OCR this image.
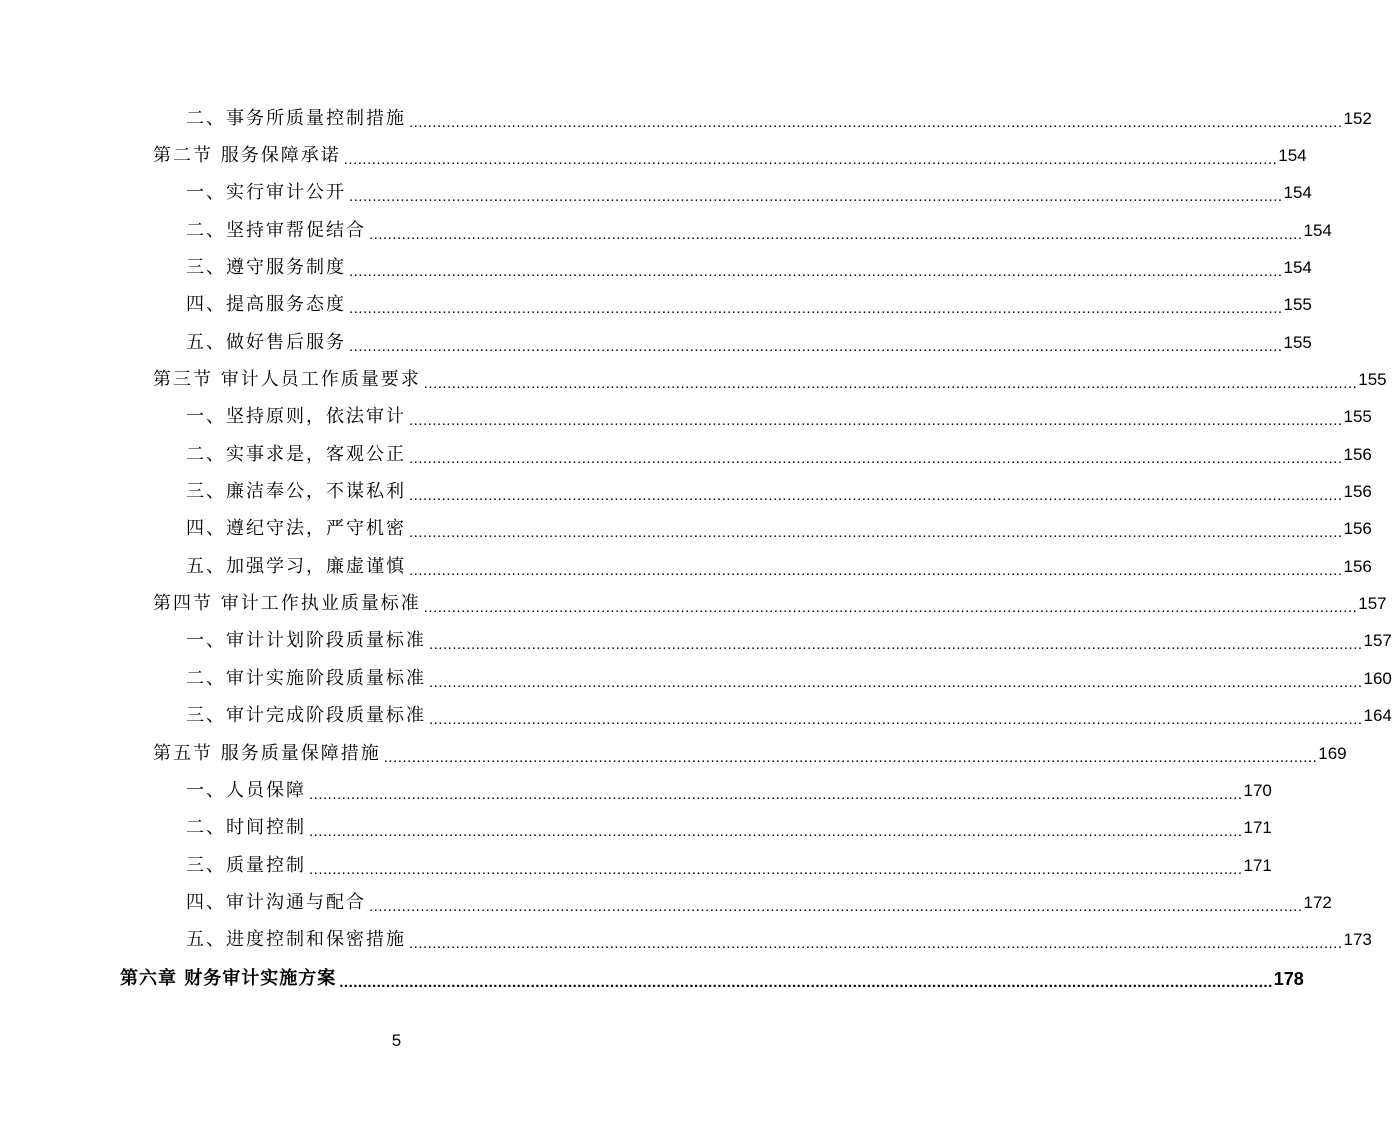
二、事务所质量控制措施 ........................................................................................................................................................................................................ 152
第二节 服务保障承诺 ........................................................................................................................................................................................................ 154
一、实行审计公开 ........................................................................................................................................................................................................ 154
二、坚持审帮促结合 ........................................................................................................................................................................................................ 154
三、遵守服务制度 ........................................................................................................................................................................................................ 154
四、提高服务态度 ........................................................................................................................................................................................................ 155
五、做好售后服务 ........................................................................................................................................................................................................ 155
第三节 审计人员工作质量要求 ........................................................................................................................................................................................................ 155
一、坚持原则，依法审计 ........................................................................................................................................................................................................ 155
二、实事求是，客观公正 ........................................................................................................................................................................................................ 156
三、廉洁奉公，不谋私利 ........................................................................................................................................................................................................ 156
四、遵纪守法，严守机密 ........................................................................................................................................................................................................ 156
五、加强学习，廉虚谨慎 ........................................................................................................................................................................................................ 156
第四节 审计工作执业质量标准 ........................................................................................................................................................................................................ 157
一、审计计划阶段质量标准 ........................................................................................................................................................................................................ 157
二、审计实施阶段质量标准 ........................................................................................................................................................................................................ 160
三、审计完成阶段质量标准 ........................................................................................................................................................................................................ 164
第五节 服务质量保障措施 ........................................................................................................................................................................................................ 169
一、人员保障 ........................................................................................................................................................................................................ 170
二、时间控制 ........................................................................................................................................................................................................ 171
三、质量控制 ........................................................................................................................................................................................................ 171
四、审计沟通与配合 ........................................................................................................................................................................................................ 172
五、进度控制和保密措施 ........................................................................................................................................................................................................ 173
第六章 财务审计实施方案 ........................................................................................................................................................................................................ 178
5
